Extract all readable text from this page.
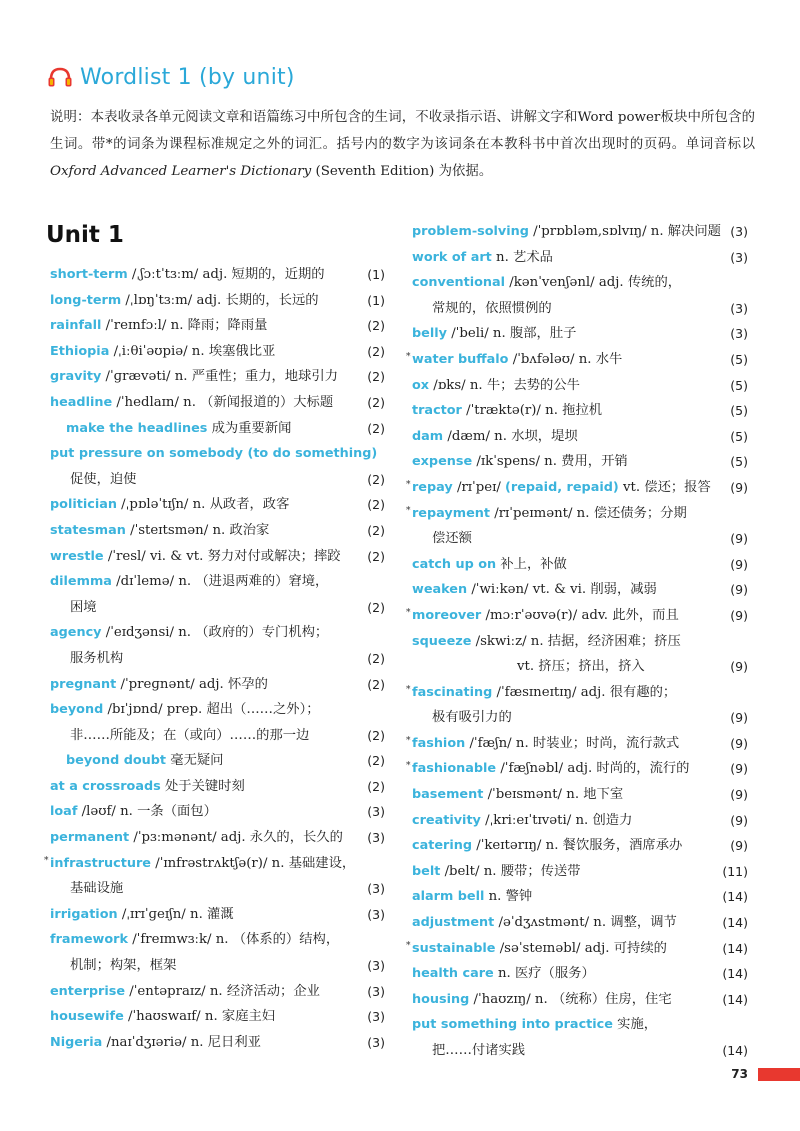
Wordlist 1 (by unit)
说明：本表收录各单元阅读文章和语篇练习中所包含的生词，不收录指示语、讲解文字和Word power板块中所包含的生词。带*的词条为课程标准规定之外的词汇。括号内的数字为该词条在本教科书中首次出现时的页码。单词音标以Oxford Advanced Learner's Dictionary (Seventh Edition) 为依据。
Unit 1
short-term /ˌʃɔːtˈtɜːm/ adj. 短期的，近期的	(1)
long-term /ˌlɒŋˈtɜːm/ adj. 长期的，长远的	(1)
rainfall /ˈreɪnfɔːl/ n. 降雨；降雨量	(2)
Ethiopia /ˌiːθiˈəʊpiə/ n. 埃塞俄比亚	(2)
gravity /ˈɡrævəti/ n. 严重性；重力，地球引力 (2)
headline /ˈhedlaɪn/ n. （新闻报道的）大标题	(2)
make the headlines 成为重要新闻	(2)
put pressure on somebody (to do something)
促使，迫使	(2)
politician /ˌpɒləˈtɪʃn/ n. 从政者，政客	(2)
statesman /ˈsteɪtsmən/ n. 政治家	(2)
wrestle /ˈresl/ vi. & vt. 努力对付或解决；摔跤 (2)
dilemma /dɪˈlemə/ n. （进退两难的）窘境，
困境	(2)
agency /ˈeɪdʒənsi/ n. （政府的）专门机构；
服务机构	(2)
pregnant /ˈpreɡnənt/ adj. 怀孕的	(2)
beyond /bɪˈjɒnd/ prep. 超出（……之外）；
非……所能及；在（或向）……的那一边	(2)
beyond doubt 毫无疑问	(2)
at a crossroads 处于关键时刻	(2)
loaf /ləʊf/ n. 一条（面包）	(3)
permanent /ˈpɜːmənənt/ adj. 永久的，长久的 (3)
* infrastructure /ˈɪnfrəstrʌktʃə(r)/ n. 基础建设，
基础设施	(3)
irrigation /ˌɪrɪˈɡeɪʃn/ n. 灌溉	(3)
framework /ˈfreɪmwɜːk/ n. （体系的）结构，
机制；构架，框架	(3)
enterprise /ˈentəpraɪz/ n. 经济活动；企业	(3)
housewife /ˈhaʊswaɪf/ n. 家庭主妇	(3)
Nigeria /naɪˈdʒɪəriə/ n. 尼日利亚	(3)
problem-solving /ˈprɒbləm,sɒlvɪŋ/ n. 解决问题 (3)
work of art n. 艺术品	(3)
conventional /kənˈvenʃənl/ adj. 传统的，
常规的，依照惯例的	(3)
belly /ˈbeli/ n. 腹部，肚子	(3)
* water buffalo /ˈbʌfələʊ/ n. 水牛	(5)
ox /ɒks/ n. 牛；去势的公牛	(5)
tractor /ˈtræktə(r)/ n. 拖拉机	(5)
dam /dæm/ n. 水坝，堤坝	(5)
expense /ɪkˈspens/ n. 费用，开销	(5)
* repay /rɪˈpeɪ/ (repaid, repaid) vt. 偿还；报答 (9)
* repayment /rɪˈpeɪmənt/ n. 偿还债务；分期
偿还额	(9)
catch up on 补上，补做	(9)
weaken /ˈwiːkən/ vt. & vi. 削弱，减弱	(9)
* moreover /mɔːrˈəʊvə(r)/ adv. 此外，而且	(9)
squeeze /skwiːz/ n. 拮据，经济困难；挤压
vt. 挤压；挤出，挤入	(9)
* fascinating /ˈfæsɪneɪtɪŋ/ adj. 很有趣的；
极有吸引力的	(9)
* fashion /ˈfæʃn/ n. 时装业；时尚，流行款式	(9)
* fashionable /ˈfæʃnəbl/ adj. 时尚的，流行的	(9)
basement /ˈbeɪsmənt/ n. 地下室	(9)
creativity /ˌkriːeɪˈtɪvəti/ n. 创造力	(9)
catering /ˈkeɪtərɪŋ/ n. 餐饮服务，酒席承办	(9)
belt /belt/ n. 腰带；传送带	(11)
alarm bell n. 警钟	(14)
adjustment /əˈdʒʌstmənt/ n. 调整，调节	(14)
* sustainable /səˈsteɪnəbl/ adj. 可持续的	(14)
health care n. 医疗（服务）	(14)
housing /ˈhaʊzɪŋ/ n. （统称）住房，住宅	(14)
put something into practice 实施，
把……付诸实践	(14)
73
